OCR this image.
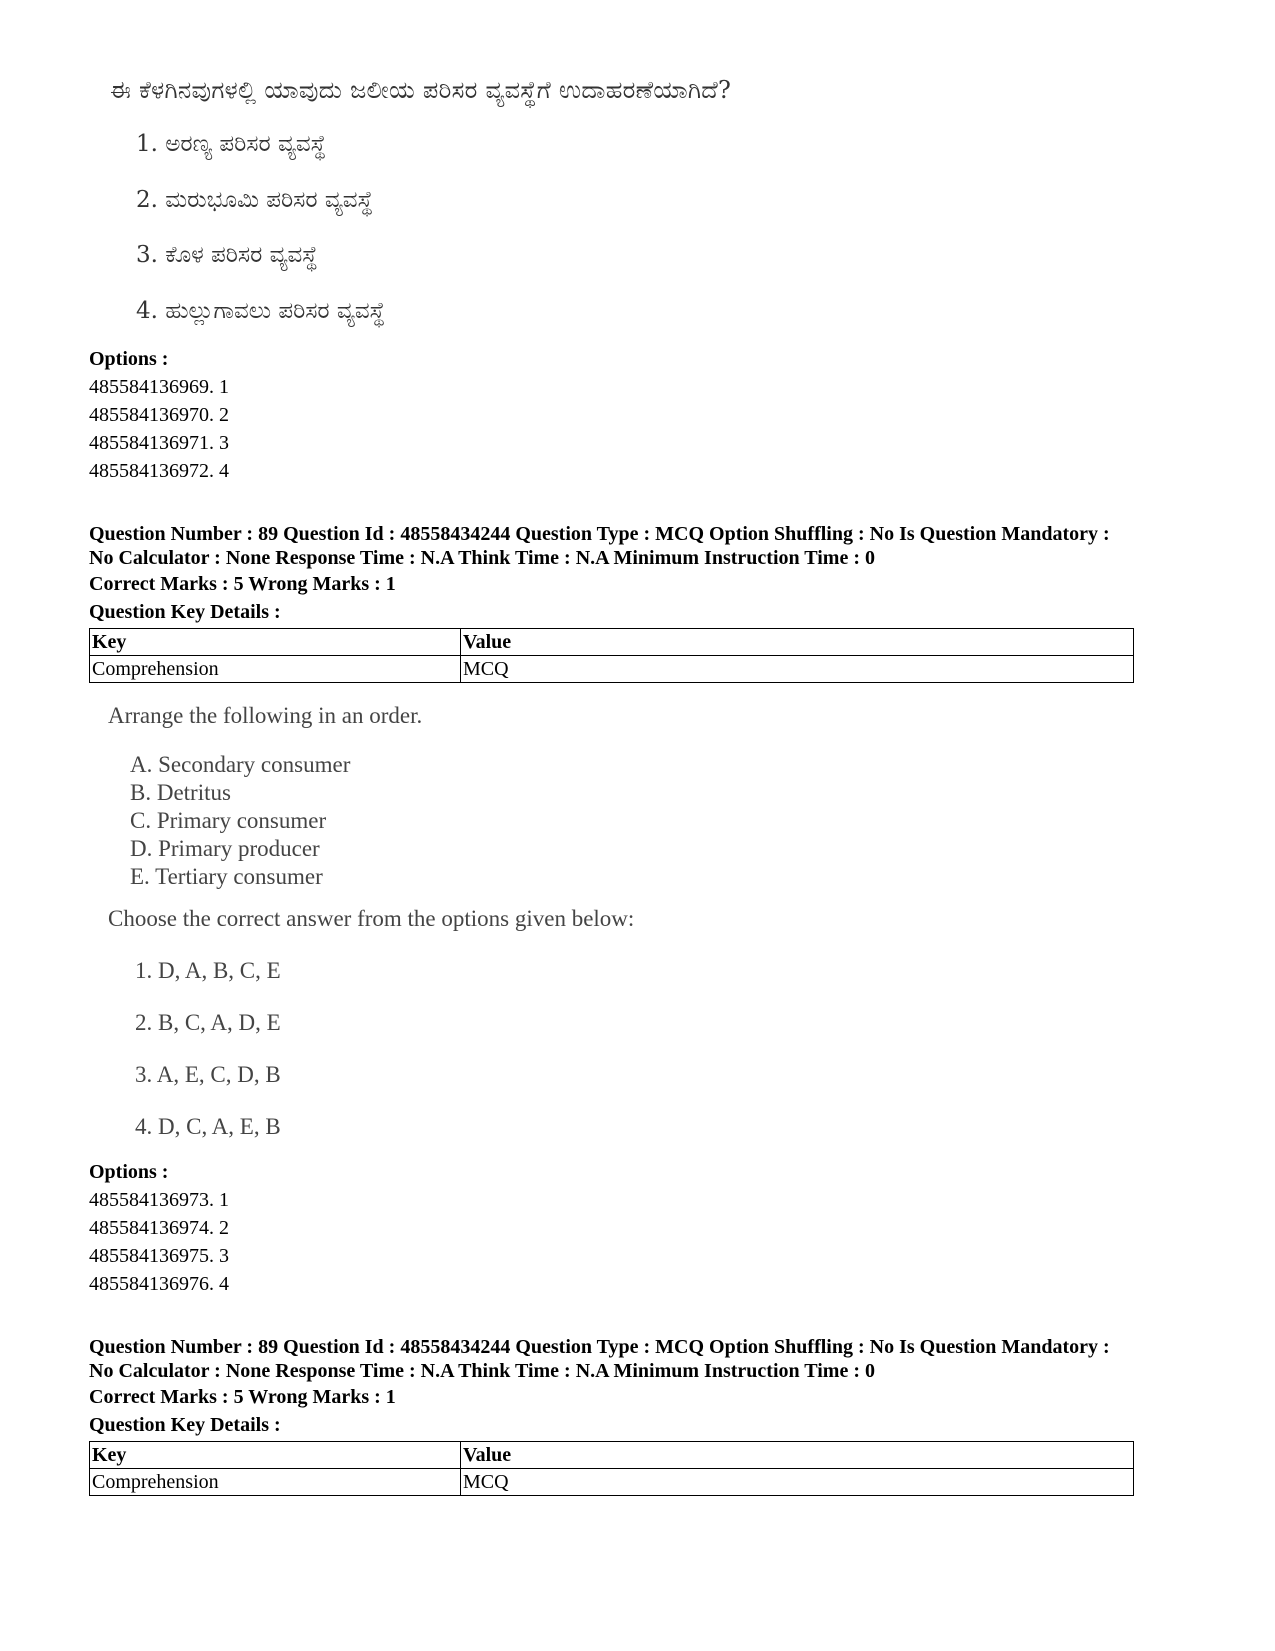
ಈ ಕೆಳಗಿನವುಗಳಲ್ಲಿ ಯಾವುದು ಜಲೀಯ ಪರಿಸರ ವ್ಯವಸ್ಥೆಗೆ ಉದಾಹರಣೆಯಾಗಿದೆ?
1. ಅರಣ್ಯ ಪರಿಸರ ವ್ಯವಸ್ಥೆ
2. ಮರುಭೂಮಿ ಪರಿಸರ ವ್ಯವಸ್ಥೆ
3. ಕೊಳ ಪರಿಸರ ವ್ಯವಸ್ಥೆ
4. ಹುಲ್ಲುಗಾವಲು ಪರಿಸರ ವ್ಯವಸ್ಥೆ
Options :
485584136969. 1
485584136970. 2
485584136971. 3
485584136972. 4
Question Number : 89 Question Id : 48558434244 Question Type : MCQ Option Shuffling : No Is Question Mandatory :
No Calculator : None Response Time : N.A Think Time : N.A Minimum Instruction Time : 0
Correct Marks : 5 Wrong Marks : 1
Question Key Details :
Key	Value
Comprehension	MCQ
Arrange the following in an order.
A. Secondary consumer
B. Detritus
C. Primary consumer
D. Primary producer
E. Tertiary consumer
Choose the correct answer from the options given below:
1. D, A, B, C, E
2. B, C, A, D, E
3. A, E, C, D, B
4. D, C, A, E, B
Options :
485584136973. 1
485584136974. 2
485584136975. 3
485584136976. 4
Question Number : 89 Question Id : 48558434244 Question Type : MCQ Option Shuffling : No Is Question Mandatory :
No Calculator : None Response Time : N.A Think Time : N.A Minimum Instruction Time : 0
Correct Marks : 5 Wrong Marks : 1
Question Key Details :
Key	Value
Comprehension	MCQ
